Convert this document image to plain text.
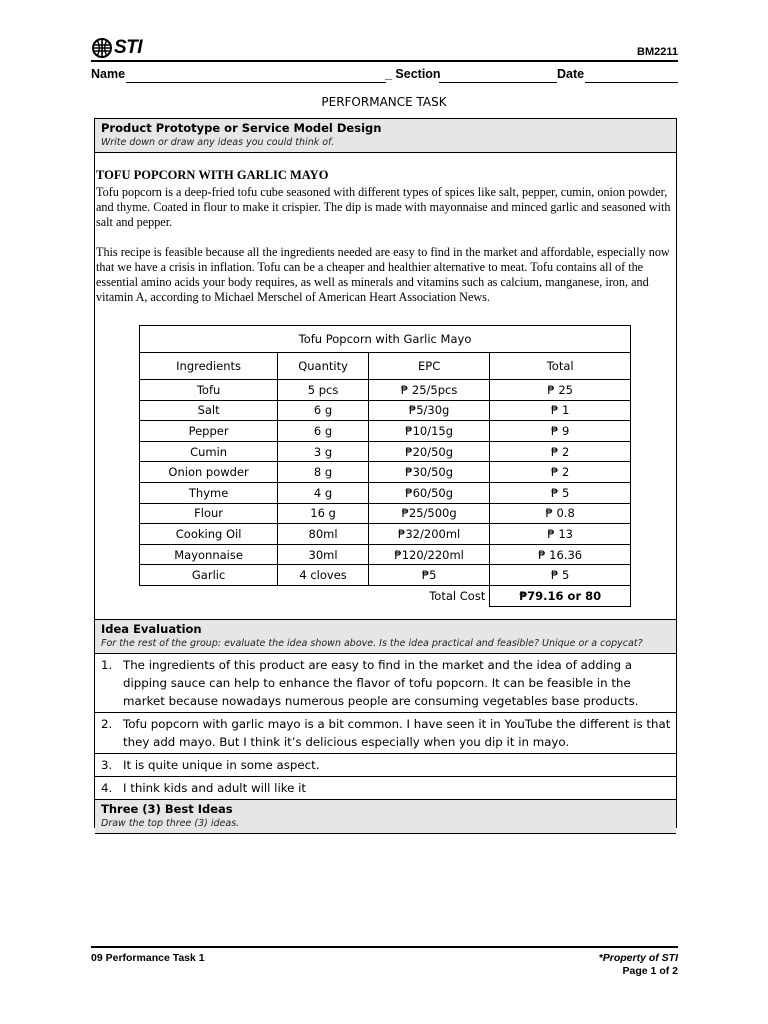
STI	BM2211
Name	_ Section	Date
PERFORMANCE TASK
Product Prototype or Service Model Design
Write down or draw any ideas you could think of.
TOFU POPCORN WITH GARLIC MAYO

Tofu popcorn is a deep-fried tofu cube seasoned with different types of spices like salt, pepper, cumin, onion powder, and thyme. Coated in flour to make it crispier. The dip is made with mayonnaise and minced garlic and seasoned with salt and pepper.

This recipe is feasible because all the ingredients needed are easy to find in the market and affordable, especially now that we have a crisis in inflation. Tofu can be a cheaper and healthier alternative to meat. Tofu contains all of the essential amino acids your body requires, as well as minerals and vitamins such as calcium, manganese, iron, and vitamin A, according to Michael Merschel of American Heart Association News.

Idea Evaluation
For the rest of the group: evaluate the idea shown above. Is the idea practical and feasible? Unique or a copycat?
1. The ingredients of this product are easy to find in the market and the idea of adding a dipping sauce can help to enhance the flavor of tofu popcorn. It can be feasible in the market because nowadays numerous people are consuming vegetables base products.
2. Tofu popcorn with garlic mayo is a bit common. I have seen it in YouTube the different is that they add mayo. But I think it’s delicious especially when you dip it in mayo.
3. It is quite unique in some aspect.
4. I think kids and adult will like it
Three (3) Best Ideas
Draw the top three (3) ideas.
Tofu Popcorn with Garlic Mayo			
Ingredients	Quantity	EPC	Total
Tofu	5 pcs	₱ 25/5pcs	₱ 25
Salt	6 g	₱5/30g	₱ 1
Pepper	6 g	₱10/15g	₱ 9
Cumin	3 g	₱20/50g	₱ 2
Onion powder	8 g	₱30/50g	₱ 2
Thyme	4 g	₱60/50g	₱ 5
Flour	16 g	₱25/500g	₱ 0.8
Cooking Oil	80ml	₱32/200ml	₱ 13
Mayonnaise	30ml	₱120/220ml	₱ 16.36
Garlic	4 cloves	₱5	₱ 5
Total Cost			₱79.16 or 80
09 Performance Task 1	*Property of STI
Page 1 of 2
